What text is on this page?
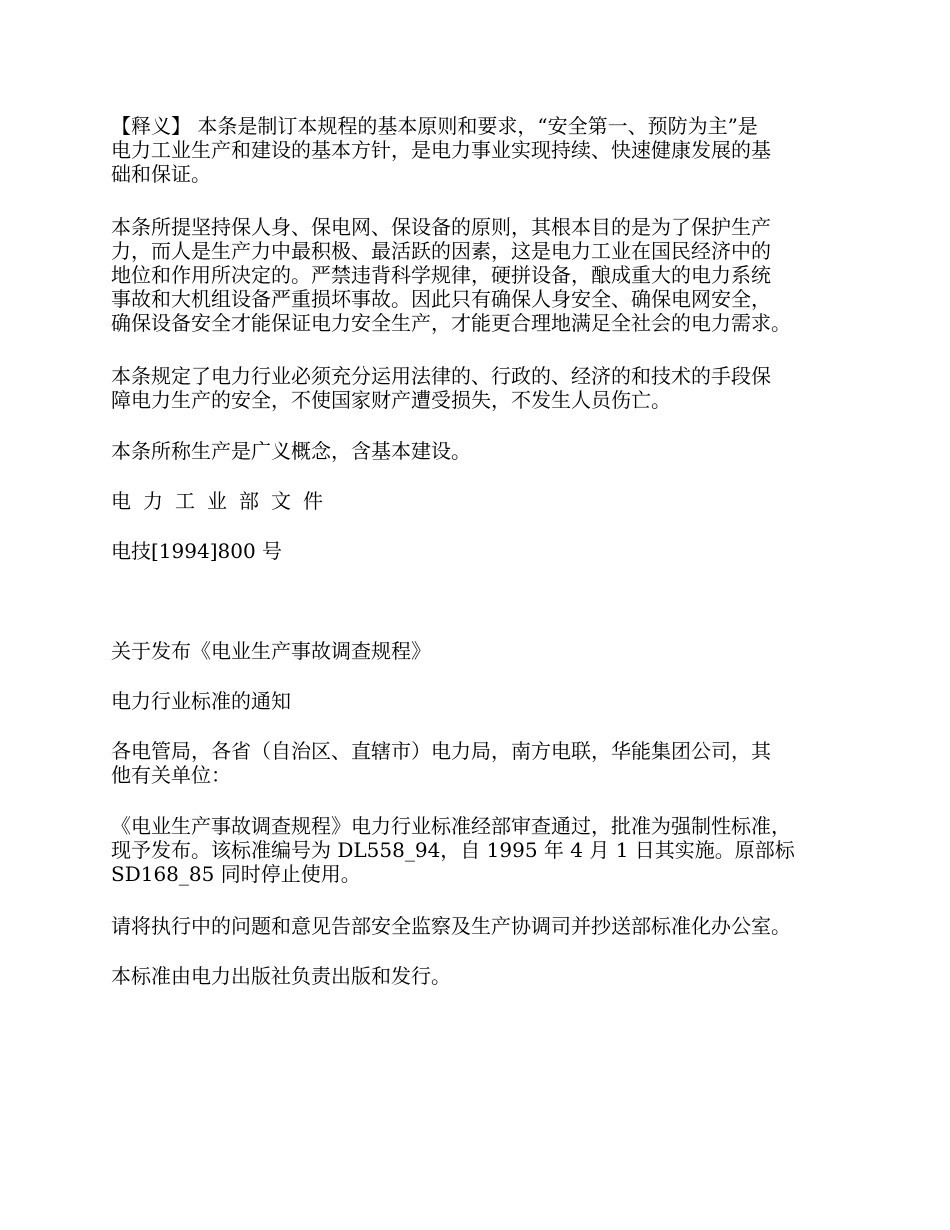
【释义】 本条是制订本规程的基本原则和要求，“安全第一、预防为主”是
电力工业生产和建设的基本方针，是电力事业实现持续、快速健康发展的基
础和保证。
本条所提坚持保人身、保电网、保设备的原则，其根本目的是为了保护生产
力，而人是生产力中最积极、最活跃的因素，这是电力工业在国民经济中的
地位和作用所决定的。严禁违背科学规律，硬拼设备，酿成重大的电力系统
事故和大机组设备严重损坏事故。因此只有确保人身安全、确保电网安全，
确保设备安全才能保证电力安全生产，才能更合理地满足全社会的电力需求。
本条规定了电力行业必须充分运用法律的、行政的、经济的和技术的手段保
障电力生产的安全，不使国家财产遭受损失，不发生人员伤亡。
本条所称生产是广义概念，含基本建设。
电力工业部文件
电技[1994]800 号
关于发布《电业生产事故调查规程》
电力行业标准的通知
各电管局，各省（自治区、直辖市）电力局，南方电联，华能集团公司，其
他有关单位：
《电业生产事故调查规程》电力行业标准经部审查通过，批准为强制性标准，
现予发布。该标准编号为 DL558_94，自 1995 年 4 月 1 日其实施。原部标
SD168_85 同时停止使用。
请将执行中的问题和意见告部安全监察及生产协调司并抄送部标准化办公室。
本标准由电力出版社负责出版和发行。
